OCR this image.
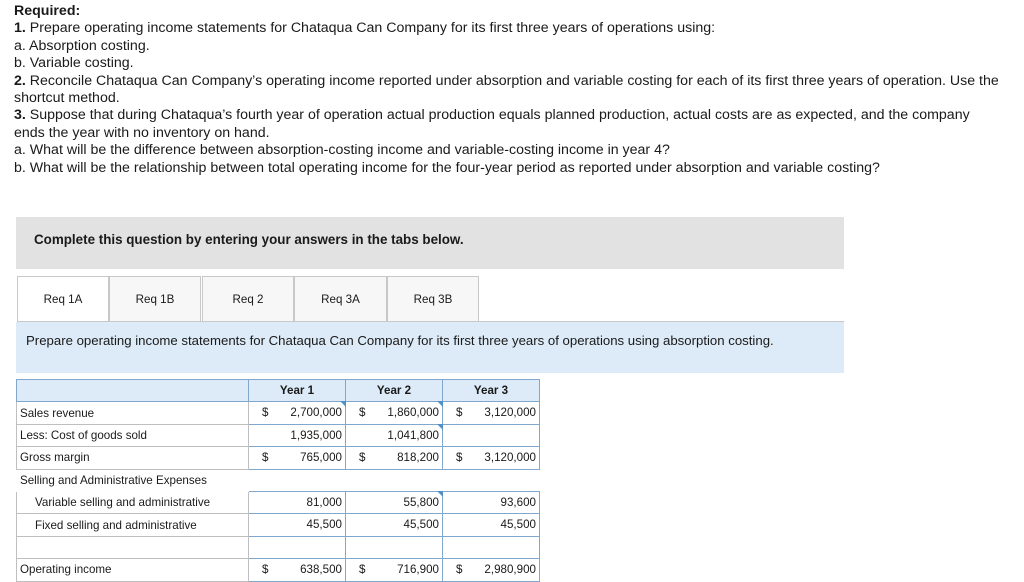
Required:

1. Prepare operating income statements for Chataqua Can Company for its first three years of operations using:

a. Absorption costing.

b. Variable costing.

2. Reconcile Chataqua Can Company’s operating income reported under absorption and variable costing for each of its first three years of operation. Use the shortcut method.

3. Suppose that during Chataqua’s fourth year of operation actual production equals planned production, actual costs are as expected, and the company ends the year with no inventory on hand.

a. What will be the difference between absorption-costing income and variable-costing income in year 4?

b. What will be the relationship between total operating income for the four-year period as reported under absorption and variable costing?

Complete this question by entering your answers in the tabs below.
Req 1A	Req 1B	Req 2	Req 3A	Req 3B
Prepare operating income statements for Chataqua Can Company for its first three years of operations using absorption costing.
	Year 1	Year 2	Year 3
Sales revenue	$ 2,700,000	$ 1,860,000	$ 3,120,000

Less: Cost of goods sold	1,935,000	1,041,800	

Gross margin	$ 765,000	$ 818,200	$ 3,120,000

Selling and Administrative Expenses			
Variable selling and administrative	81,000	55,800	93,600

Fixed selling and administrative	45,500	45,500	45,500

Operating income	$ 638,500	$ 716,900	$ 2,980,900
